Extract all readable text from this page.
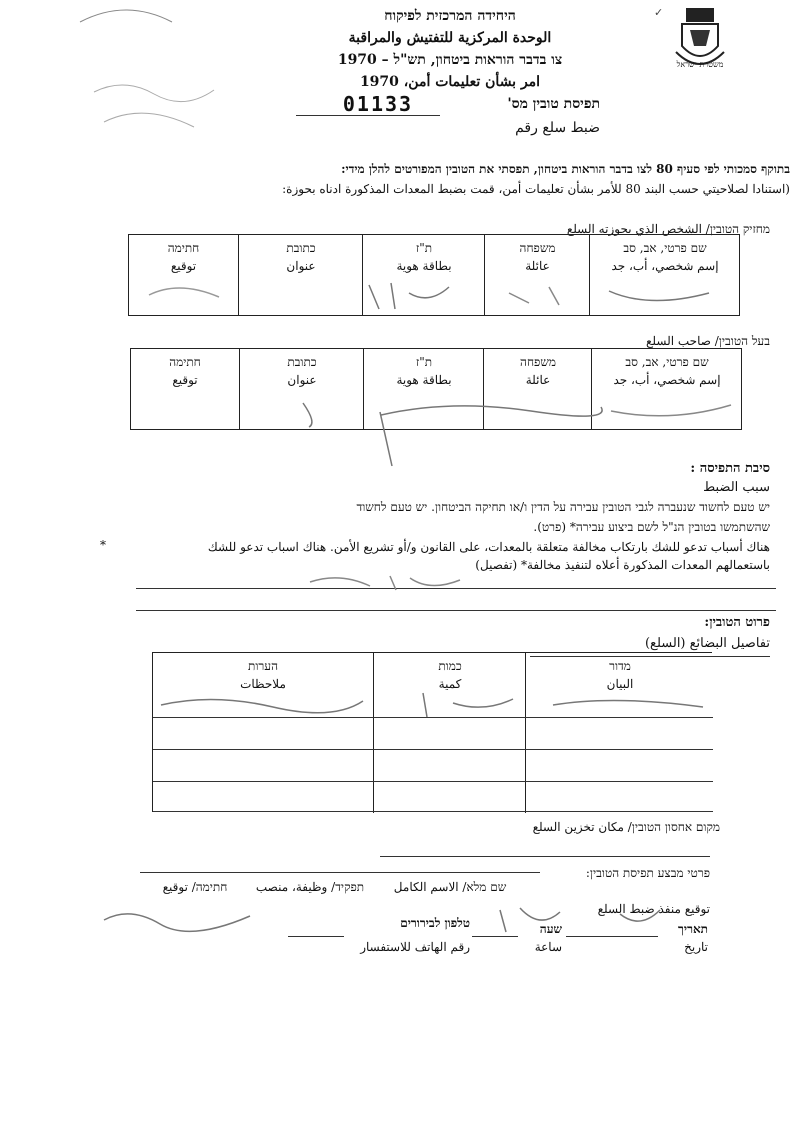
משטרת ישראל
✓
היחידה המרכזית לפיקוח
الوحدة المركزية للتفتيش والمراقبة
צו בדבר הוראות ביטחון, תש"ל – 1970
امر بشأن تعليمات أمن، 1970
תפיסת טובין מס'
01133
ضبط سلع رقم
בתוקף סמכותי לפי סעיף 80 לצו בדבר הוראות ביטחון, תפסתי את הטובין המפורטים להלן מידי:
(استنادا لصلاحيتي حسب البند 80 للأمر بشأن تعليمات أمن، قمت بضبط المعدات المذكورة ادناه بحوزة:
מחזיק הטובין/ الشخص الذي بحوزته السلع
שם פרטי, אב, סב
إسم شخصي، أب، جد
משפחה
عائلة
ת"ז
بطاقة هوية
כתובת
عنوان
חתימה
توقيع
בעל הטובין/ صاحب السلع
שם פרטי, אב, סב
إسم شخصي، أب، جد
משפחה
عائلة
ת"ז
بطاقة هوية
כתובת
عنوان
חתימה
توقيع
סיבת התפיסה :
سبب الضبط
יש טעם לחשוד שנעברה לגבי הטובין עבירה על הדין ו/או תחיקה הביטחון. יש טעם לחשוד
שהשתמשו בטובין הנ"ל לשם ביצוע עבירה* (פרט).
هناك أسباب تدعو للشك بارتكاب مخالفة متعلقة بالمعدات، على القانون و/أو تشريع الأمن. هناك اسباب تدعو للشك
باستعمالهم المعدات المذكورة أعلاه لتنفيذ مخالفة* (تفصيل)
*
פרוט הטובין:
تفاصيل البضائع (السلع)
מדור
البيان
כמות
كمية
הערות
ملاحظات
מקום אחסון הטובין/ مكان تخزين السلع
פרטי מבצע תפיסת הטובין:
שם מלא/ الاسم الكامل
תפקיד/ وظيفة، منصب
חתימה/ توقيع
توقيع منفذ ضبط السلع
תאריך
تاريخ
שעה
ساعة
טלפון לבירורים
رقم الهاتف للاستفسار
